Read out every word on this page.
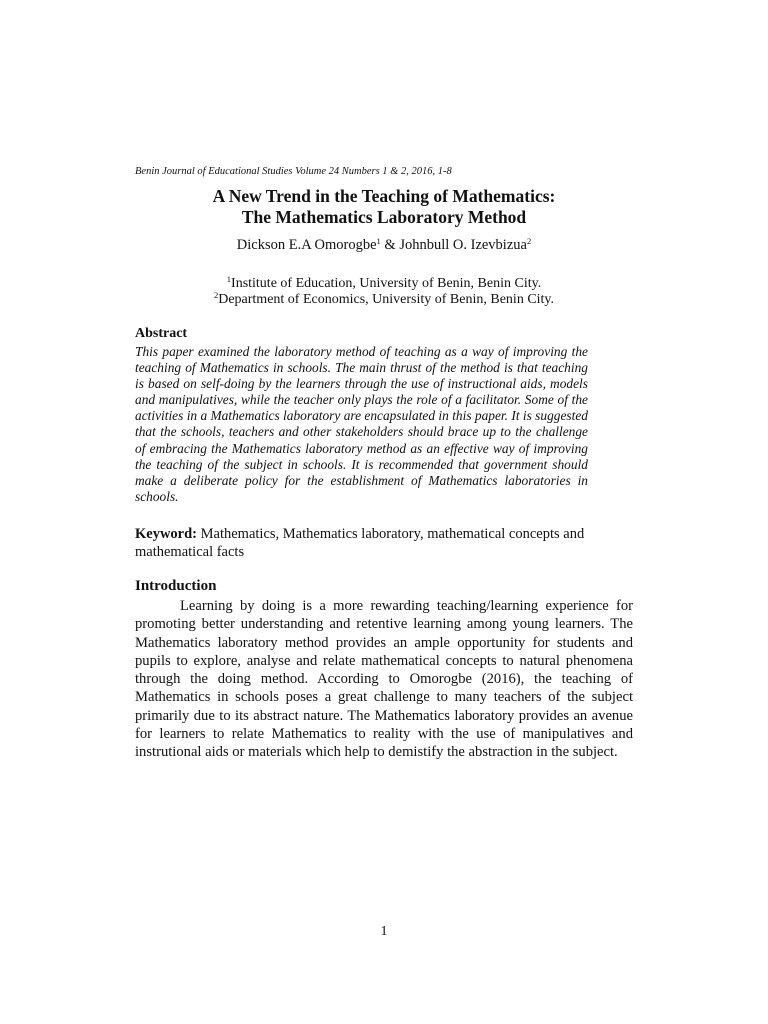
Benin Journal of Educational Studies Volume 24 Numbers 1 & 2, 2016, 1-8
A New Trend in the Teaching of Mathematics:
The Mathematics Laboratory Method
Dickson E.A Omorogbe$^1$ & Johnbull O. Izevbizua$^2$
$^1$Institute of Education, University of Benin, Benin City.
$^2$Department of Economics, University of Benin, Benin City.
Abstract
This paper examined the laboratory method of teaching as a way of improving the teaching of Mathematics in schools. The main thrust of the method is that teaching is based on self-doing by the learners through the use of instructional aids, models and manipulatives, while the teacher only plays the role of a facilitator. Some of the activities in a Mathematics laboratory are encapsulated in this paper. It is suggested that the schools, teachers and other stakeholders should brace up to the challenge of embracing the Mathematics laboratory method as an effective way of improving the teaching of the subject in schools. It is recommended that government should make a deliberate policy for the establishment of Mathematics laboratories in schools.
Keyword: Mathematics, Mathematics laboratory, mathematical concepts and mathematical facts
Introduction
Learning by doing is a more rewarding teaching/learning experience for promoting better understanding and retentive learning among young learners. The Mathematics laboratory method provides an ample opportunity for students and pupils to explore, analyse and relate mathematical concepts to natural phenomena through the doing method. According to Omorogbe (2016), the teaching of Mathematics in schools poses a great challenge to many teachers of the subject primarily due to its abstract nature. The Mathematics laboratory provides an avenue for learners to relate Mathematics to reality with the use of manipulatives and instrutional aids or materials which help to demistify the abstraction in the subject.
1
